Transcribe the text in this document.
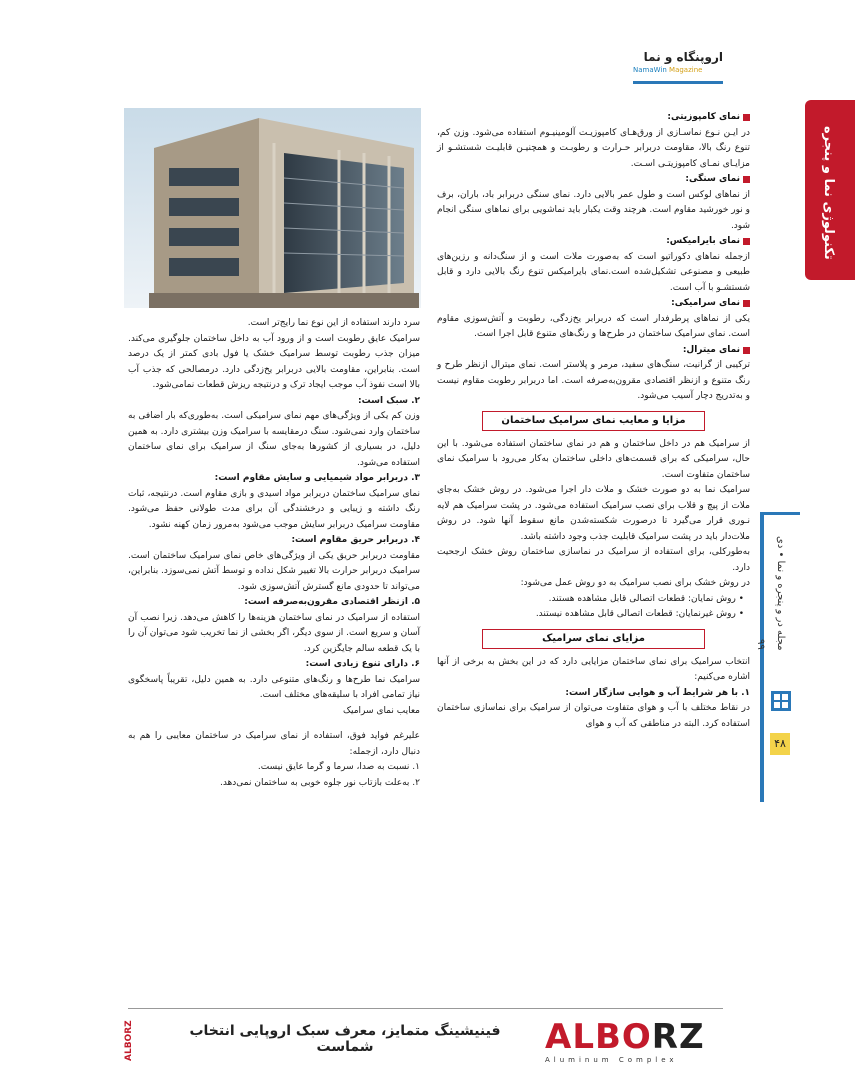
اروپنگاه و نما
NamaWin Magazine
تکنولوژی نما و پنجره
مجله در و پنجره و نما • دی ۹۹
۴۸
نمای کامپوزیتی:

در ایـن نـوع نماسـازی از ورق‌هـای کامپوزیـت آلومینیـوم استفاده می‌شود. وزن کم، تنوع رنگ بالا، مقاومت دربرابر حـرارت و رطوبـت و همچنیـن قابلیـت شستشـو از مزایـای نمـای کامپوزیتـی اسـت.

نمای سنگی:

از نماهای لوکس است و طول عمر بالایی دارد. نمای سنگی دربرابر باد، باران، برف و نور خورشید مقاوم است. هرچند وقت یکبار باید نماشویی برای نماهای سنگی انجام شود.

نمای بایرامیکس:

ازجمله نماهای دکوراتیو است که به‌صورت ملات است و از سنگ‌دانه و رزین‌های طبیعی و مصنوعی تشکیل‌شده است.نمای بایرامیکس تنوع رنگ بالایی دارد و قابل شستشـو با آب است.

نمای سرامیکی:

یکی از نماهای پرطرفدار است که دربرابر یخ‌زدگی، رطوبت و آتش‌سوزی مقاوم است. نمای سرامیک ساختمان در طرح‌ها و رنگ‌های متنوع قابل اجرا است.

نمای میترال:

ترکیبی از گرانیت، سنگ‌های سفید، مرمر و پلاستر است. نمای میترال ازنظر طرح و رنگ متنوع و ازنظر اقتصادی مقرون‌به‌صرفه است. اما دربرابر رطوبت مقاوم نیست و به‌تدریج دچار آسیب می‌شود.

مزایا و معایب نمای سرامیک ساختمان

از سرامیک هم در داخل ساختمان و هم در نمای ساختمان استفاده می‌شود. با این حال، سرامیکی که برای قسمت‌های داخلی ساختمان به‌کار می‌رود با سرامیک نمای ساختمان متفاوت است.

سرامیک نما به دو صورت خشک و ملات دار اجرا می‌شود. در روش خشک به‌جای ملات از پیچ و قلاب برای نصب سرامیک استفاده می‌شود. در پشت سرامیک هم لایه نـوری قرار می‌گیرد تا درصورت شکسته‌شدن مانع سقوط آنها شود. در روش ملات‌دار باید در پشت سرامیک قابلیت جذب وجود داشته باشد.

به‌طورکلی، برای استفاده از سرامیک در نماسازی ساختمان روش خشک ارجحیت دارد.

در روش خشک برای نصب سرامیک به دو روش عمل می‌شود:

• روش نمایان: قطعات اتصالی قابل مشاهده هستند.

• روش غیرنمایان: قطعات اتصالی قابل مشاهده نیستند.

مزایای نمای سرامیک

انتخاب سرامیک برای نمای ساختمان مزایایی دارد که در این بخش به برخی از آنها اشاره می‌کنیم:

۱. با هر شرایط آب و هوایی سازگار است:

در نقاط مختلف با آب و هوای متفاوت می‌توان از سرامیک برای نماسازی ساختمان استفاده کرد. البته در مناطقی که آب و هوای

سرد دارند استفاده از این نوع نما رایج‌تر است.

سرامیک عایق رطوبت است و از ورود آب به داخل ساختمان جلوگیری می‌کند. میزان جذب رطوبت توسط سرامیک خشک یا فول بادی کمتر از یک درصد است. بنابراین، مقاومت بالایی دربرابر یخ‌زدگی دارد. درمصالحی که جذب آب بالا است نفوذ آب موجب ایجاد ترک و درنتیجه ریزش قطعات نمامی‌شود.

۲. سبک است:

وزن کم یکی از ویژگی‌های مهم نمای سرامیکی است. به‌طوری‌که بار اضافی به ساختمان وارد نمی‌شود. سنگ درمقایسه با سرامیک وزن بیشتری دارد. به همین دلیل، در بسیاری از کشورها به‌جای سنگ از سرامیک برای نمای ساختمان استفاده می‌شود.

۳. دربرابر مواد شیمیایی و سایش مقاوم است:

نمای سرامیک ساختمان دربرابر مواد اسیدی و بازی مقاوم است. درنتیجه، ثبات رنگ داشته و زیبایی و درخشندگی آن برای مدت طولانی حفظ می‌شود. مقاومت سرامیک دربرابر سایش موجب می‌شود به‌مرور زمان کهنه نشود.

۴. دربرابر حریق مقاوم است:

مقاومت دربرابر حریق یکی از ویژگی‌های خاص نمای سرامیک ساختمان است. سرامیک دربرابر حرارت بالا تغییر شکل نداده و توسط آتش نمی‌سوزد. بنابراین، می‌تواند تا حدودی مانع گسترش آتش‌سوزی شود.

۵. ازنظر اقتصادی مقرون‌به‌صرفه است:

استفاده از سرامیک در نمای ساختمان هزینه‌ها را کاهش می‌دهد. زیرا نصب آن آسان و سریع است. از سوی دیگر، اگر بخشی از نما تخریب شود می‌توان آن را با یک قطعه سالم جایگزین کرد.

۶. دارای تنوع زیادی است:

سرامیک نما طرح‌ها و رنگ‌های متنوعی دارد. به همین دلیل، تقریباً پاسخگوی نیاز تمامی افراد با سلیقه‌های مختلف است.

معایب نمای سرامیک

علیرغم فواید فوق، استفاده از نمای سرامیک در ساختمان معایبی را هم به دنبال دارد، ازجمله:

۱. نسبت به صدا، سرما و گرما عایق نیست.

۲. به‌علت بازتاب نور جلوه خوبی به ساختمان نمی‌دهد.

ALBORZ	فینیشینگ متمایز، معرف سبک اروپایی انتخاب شماست	ALBORZ
Aluminum Complex
